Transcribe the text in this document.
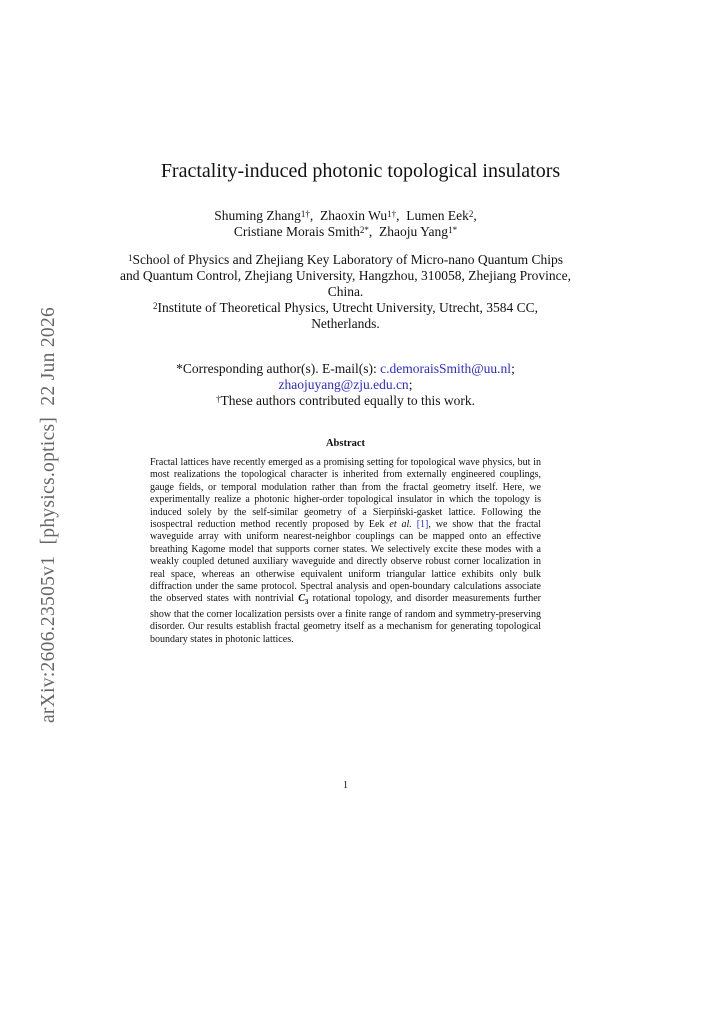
arXiv:2606.23505v1 [physics.optics] 22 Jun 2026
Fractality-induced photonic topological insulators
Shuming Zhang$^{1\dagger}$,  Zhaoxin $Wu^{1\dagger}$,  Lumen Eek$^2$,
Cristiane Morais Smith$^{2*}$,  Zhaoju Yang$^{1*}$
$^1$School of Physics and Zhejiang Key Laboratory of Micro-nano Quantum Chips and Quantum Control, Zhejiang University, Hangzhou, 310058, Zhejiang Province, China.
$^2$Institute of Theoretical Physics, Utrecht University, Utrecht, 3584 CC, Netherlands.
*Corresponding author(s). E-mail(s): c.demoraisSmith@uu.nl;
zhaojuyang@zju.edu.cn;
†These authors contributed equally to this work.
Abstract
Fractal lattices have recently emerged as a promising setting for topological wave physics, but in most realizations the topological character is inherited from externally engineered couplings, gauge fields, or temporal modulation rather than from the fractal geometry itself. Here, we experimentally realize a photonic higher-order topological insulator in which the topology is induced solely by the self-similar geometry of a Sierpiński-gasket lattice. Following the isospectral reduction method recently proposed by Eek et al. [1], we show that the fractal waveguide array with uniform nearest-neighbor couplings can be mapped onto an effective breathing Kagome model that supports corner states. We selectively excite these modes with a weakly coupled detuned auxiliary waveguide and directly observe robust corner localization in real space, whereas an otherwise equivalent uniform triangular lattice exhibits only bulk diffraction under the same protocol. Spectral analysis and open-boundary calculations associate the observed states with nontrivial $C_3$ rotational topology, and disorder measurements further show that the corner localization persists over a finite range of random and symmetry-preserving disorder. Our results establish fractal geometry itself as a mechanism for generating topological boundary states in photonic lattices.
1
